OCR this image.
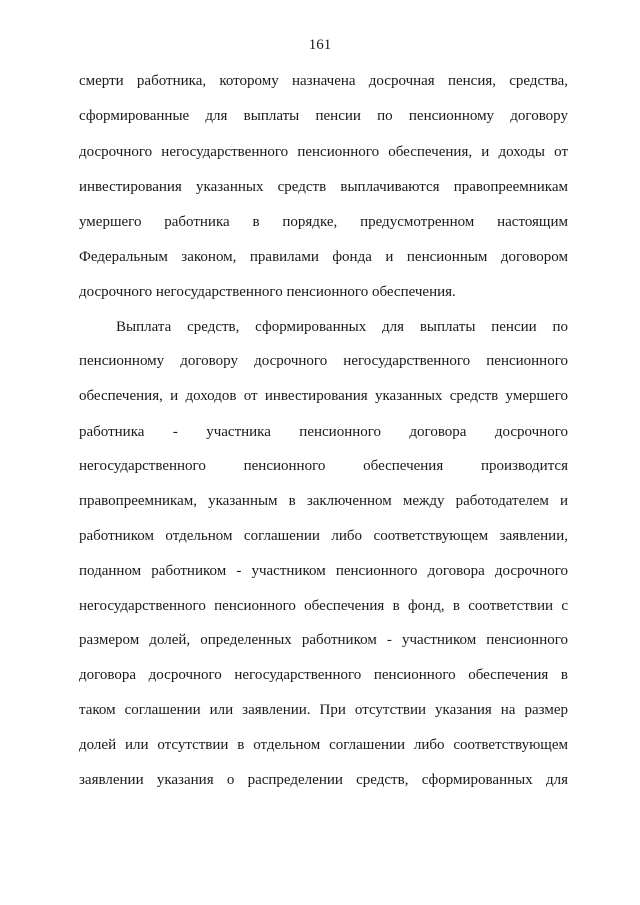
161
смерти работника, которому назначена досрочная пенсия, средства,
сформированные для выплаты пенсии по пенсионному договору
досрочного негосударственного пенсионного обеспечения, и доходы от
инвестирования указанных средств выплачиваются правопреемникам
умершего работника в порядке, предусмотренном настоящим
Федеральным законом, правилами фонда и пенсионным договором
досрочного негосударственного пенсионного обеспечения.
Выплата средств, сформированных для выплаты пенсии по
пенсионному договору досрочного негосударственного пенсионного
обеспечения, и доходов от инвестирования указанных средств умершего
работника - участника пенсионного договора досрочного
негосударственного пенсионного обеспечения производится
правопреемникам, указанным в заключенном между работодателем и
работником отдельном соглашении либо соответствующем заявлении,
поданном работником - участником пенсионного договора досрочного
негосударственного пенсионного обеспечения в фонд, в соответствии с
размером долей, определенных работником - участником пенсионного
договора досрочного негосударственного пенсионного обеспечения в
таком соглашении или заявлении. При отсутствии указания на размер
долей или отсутствии в отдельном соглашении либо соответствующем
заявлении указания о распределении средств, сформированных для
